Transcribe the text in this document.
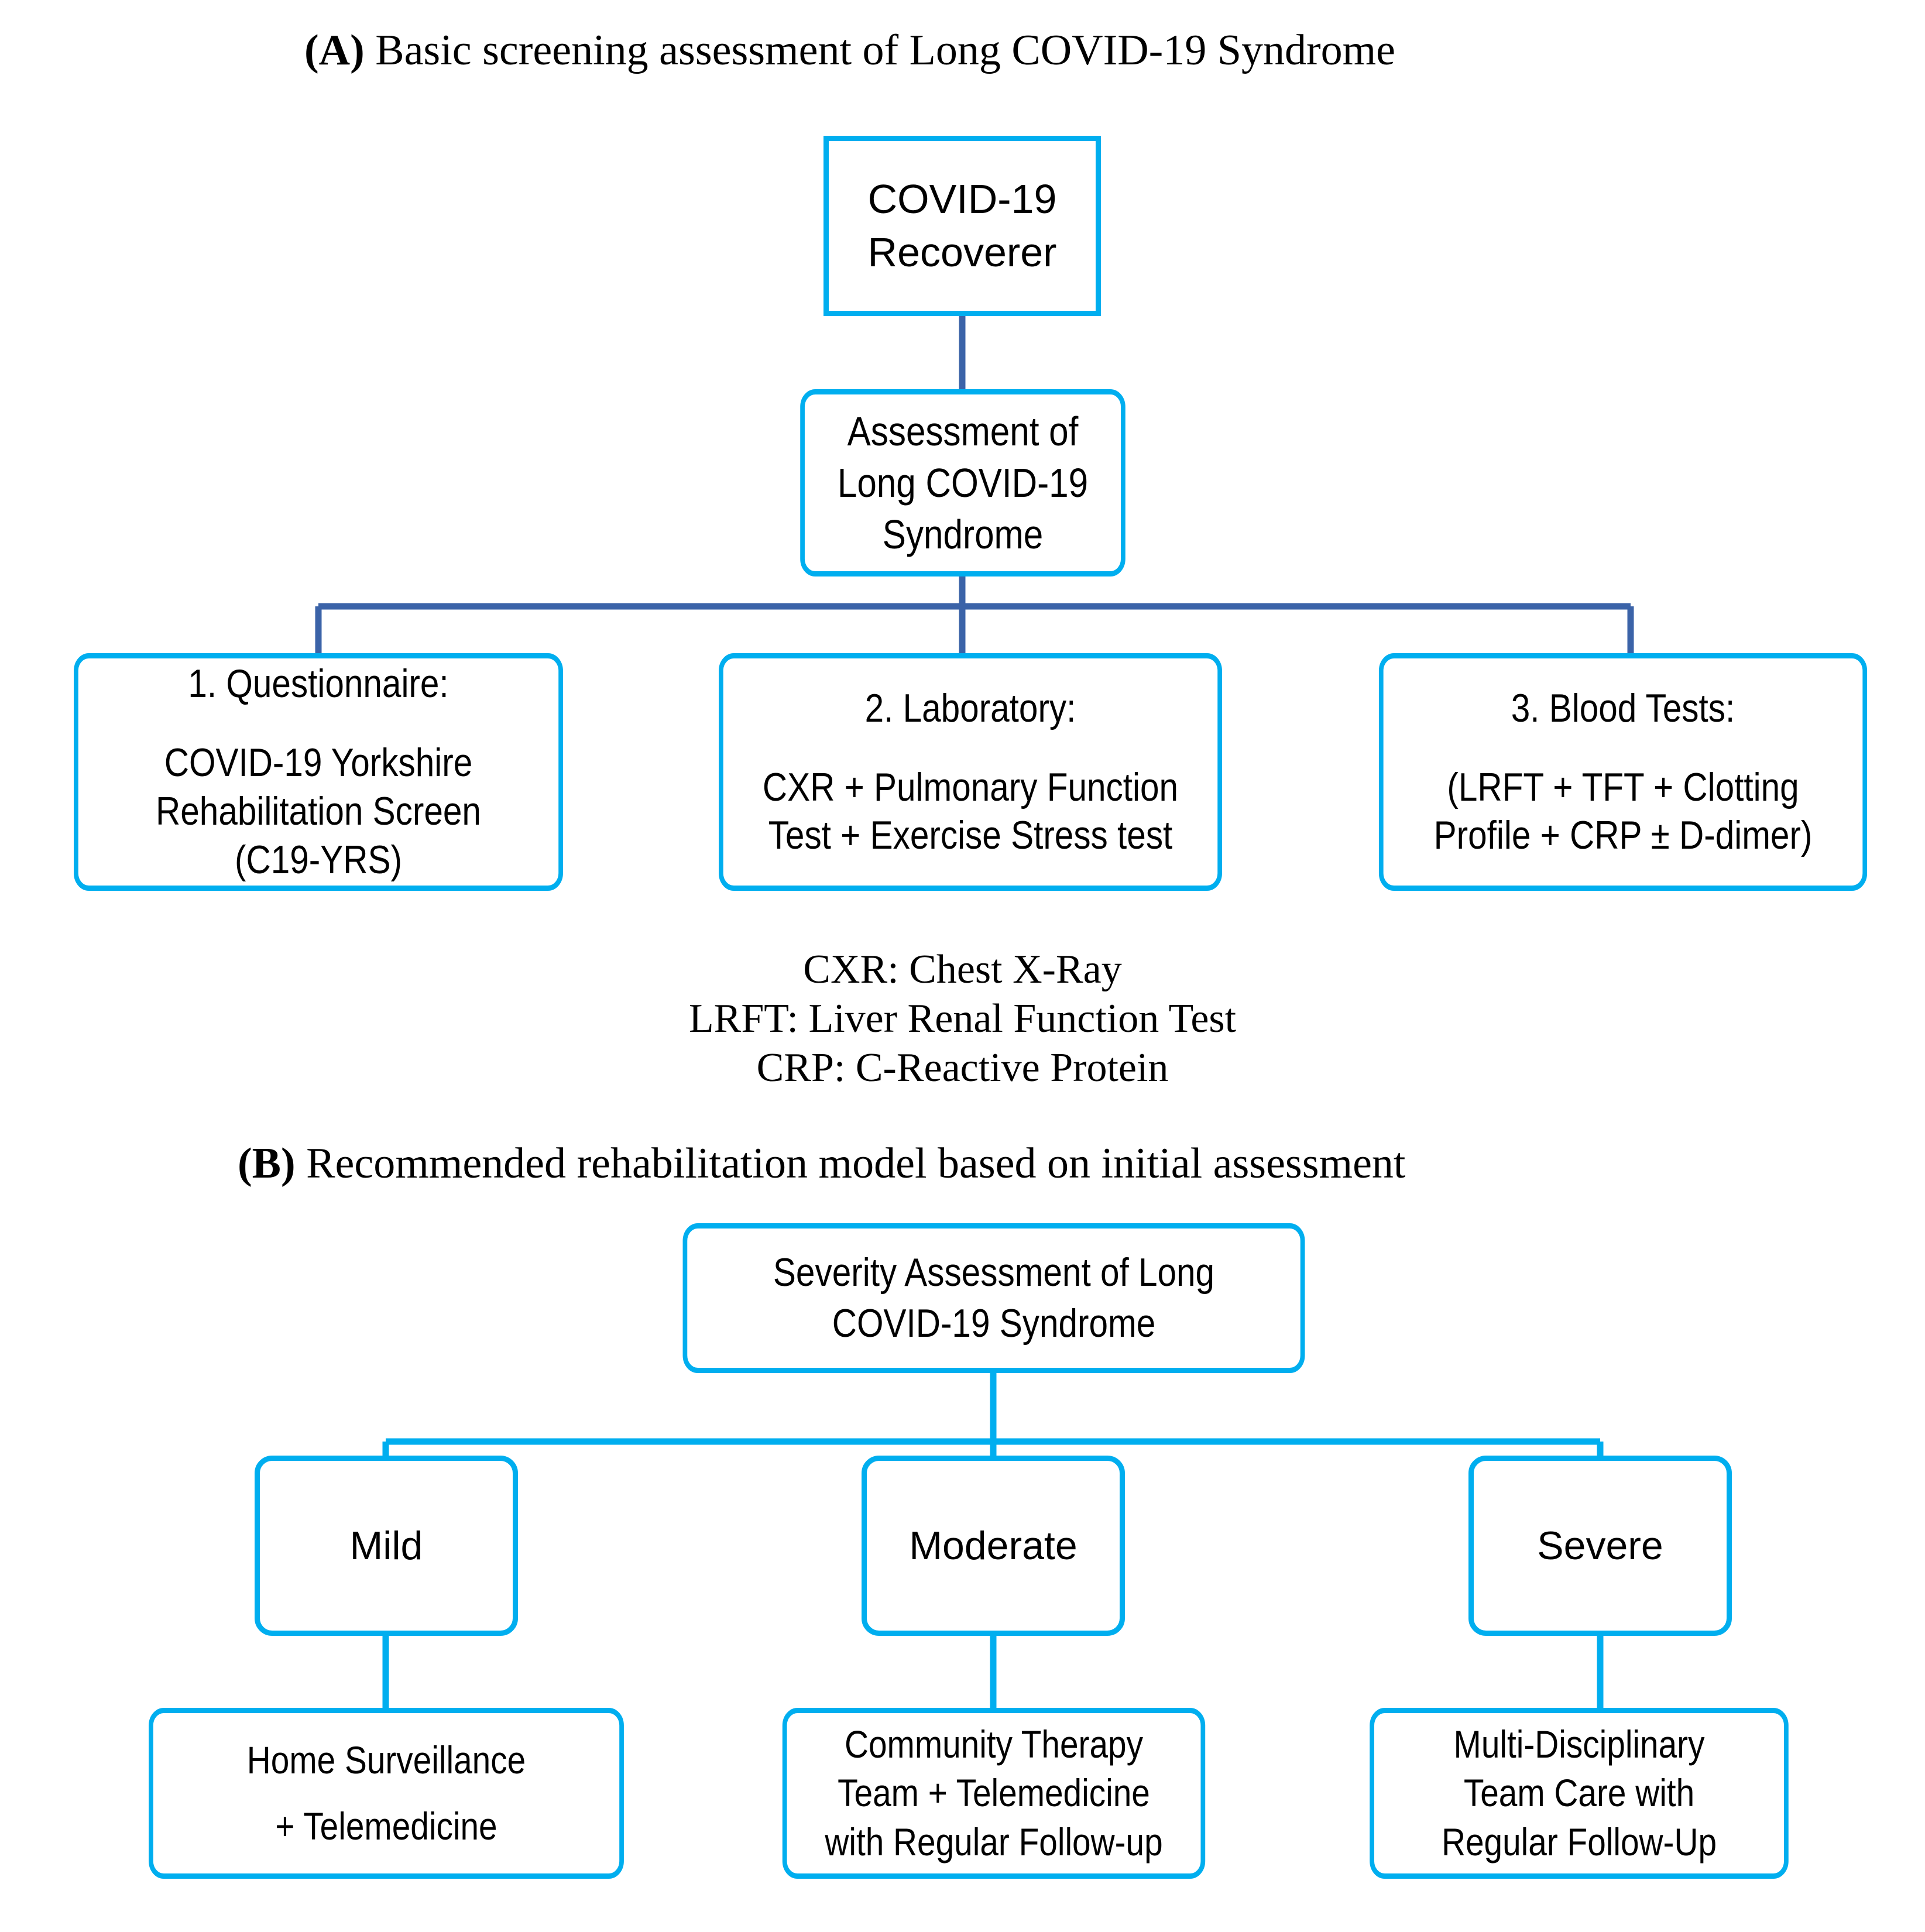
(A) Basic screening assessment of Long COVID-19 Syndrome
COVID-19
Recoverer
Assessment of
Long COVID-19
Syndrome
1. Questionnaire:
COVID-19 Yorkshire
Rehabilitation Screen
(C19-YRS)
2. Laboratory:
CXR + Pulmonary Function
Test + Exercise Stress test
3. Blood Tests:
(LRFT + TFT + Clotting
Profile + CRP ± D-dimer)
CXR: Chest X-Ray
LRFT: Liver Renal Function Test
CRP: C-Reactive Protein
(B) Recommended rehabilitation model based on initial assessment
Severity Assessment of Long
COVID-19 Syndrome
Mild	Moderate	Severe
Home Surveillance
+ Telemedicine
Community Therapy
Team + Telemedicine
with Regular Follow-up
Multi-Disciplinary
Team Care with
Regular Follow-Up
